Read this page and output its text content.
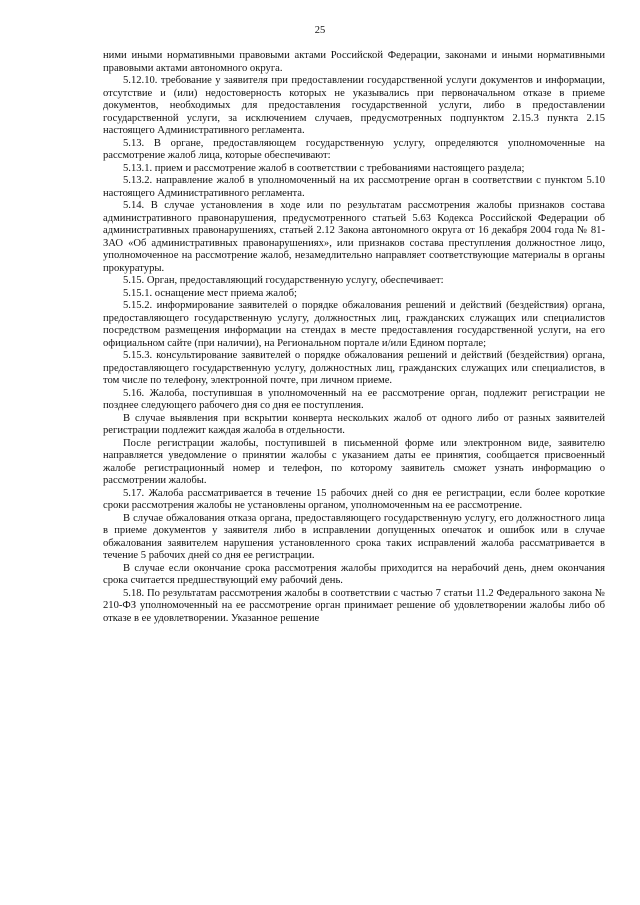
25

ними иными нормативными правовыми актами Российской Федерации, законами и иными нормативными правовыми актами автономного округа.

5.12.10. требование у заявителя при предоставлении государственной услуги документов и информации, отсутствие и (или) недостоверность которых не указывались при первоначальном отказе в приеме документов, необходимых для предоставления государственной услуги, либо в предоставлении государственной услуги, за исключением случаев, предусмотренных подпунктом 2.15.3 пункта 2.15 настоящего Административного регламента.

5.13. В органе, предоставляющем государственную услугу, определяются уполномоченные на рассмотрение жалоб лица, которые обеспечивают:

5.13.1. прием и рассмотрение жалоб в соответствии с требованиями настоящего раздела;

5.13.2. направление жалоб в уполномоченный на их рассмотрение орган в соответствии с пунктом 5.10 настоящего Административного регламента.

5.14. В случае установления в ходе или по результатам рассмотрения жалобы признаков состава административного правонарушения, предусмотренного статьей 5.63 Кодекса Российской Федерации об административных правонарушениях, статьей 2.12 Закона автономного округа от 16 декабря 2004 года № 81-ЗАО «Об административных правонарушениях», или признаков состава преступления должностное лицо, уполномоченное на рассмотрение жалоб, незамедлительно направляет соответствующие материалы в органы прокуратуры.

5.15. Орган, предоставляющий государственную услугу, обеспечивает:

5.15.1. оснащение мест приема жалоб;

5.15.2. информирование заявителей о порядке обжалования решений и действий (бездействия) органа, предоставляющего государственную услугу, должностных лиц, гражданских служащих или специалистов посредством размещения информации на стендах в месте предоставления государственной услуги, на его официальном сайте (при наличии), на Региональном портале и/или Едином портале;

5.15.3. консультирование заявителей о порядке обжалования решений и действий (бездействия) органа, предоставляющего государственную услугу, должностных лиц, гражданских служащих или специалистов, в том числе по телефону, электронной почте, при личном приеме.

5.16. Жалоба, поступившая в уполномоченный на ее рассмотрение орган, подлежит регистрации не позднее следующего рабочего дня со дня ее поступления.

В случае выявления при вскрытии конверта нескольких жалоб от одного либо от разных заявителей регистрации подлежит каждая жалоба в отдельности.

После регистрации жалобы, поступившей в письменной форме или электронном виде, заявителю направляется уведомление о принятии жалобы с указанием даты ее принятия, сообщается присвоенный жалобе регистрационный номер и телефон, по которому заявитель сможет узнать информацию о рассмотрении жалобы.

5.17. Жалоба рассматривается в течение 15 рабочих дней со дня ее регистрации, если более короткие сроки рассмотрения жалобы не установлены органом, уполномоченным на ее рассмотрение.

В случае обжалования отказа органа, предоставляющего государственную услугу, его должностного лица в приеме документов у заявителя либо в исправлении допущенных опечаток и ошибок или в случае обжалования заявителем нарушения установленного срока таких исправлений жалоба рассматривается в течение 5 рабочих дней со дня ее регистрации.

В случае если окончание срока рассмотрения жалобы приходится на нерабочий день, днем окончания срока считается предшествующий ему рабочий день.

5.18. По результатам рассмотрения жалобы в соответствии с частью 7 статьи 11.2 Федерального закона № 210-ФЗ уполномоченный на ее рассмотрение орган принимает решение об удовлетворении жалобы либо об отказе в ее удовлетворении. Указанное решение
